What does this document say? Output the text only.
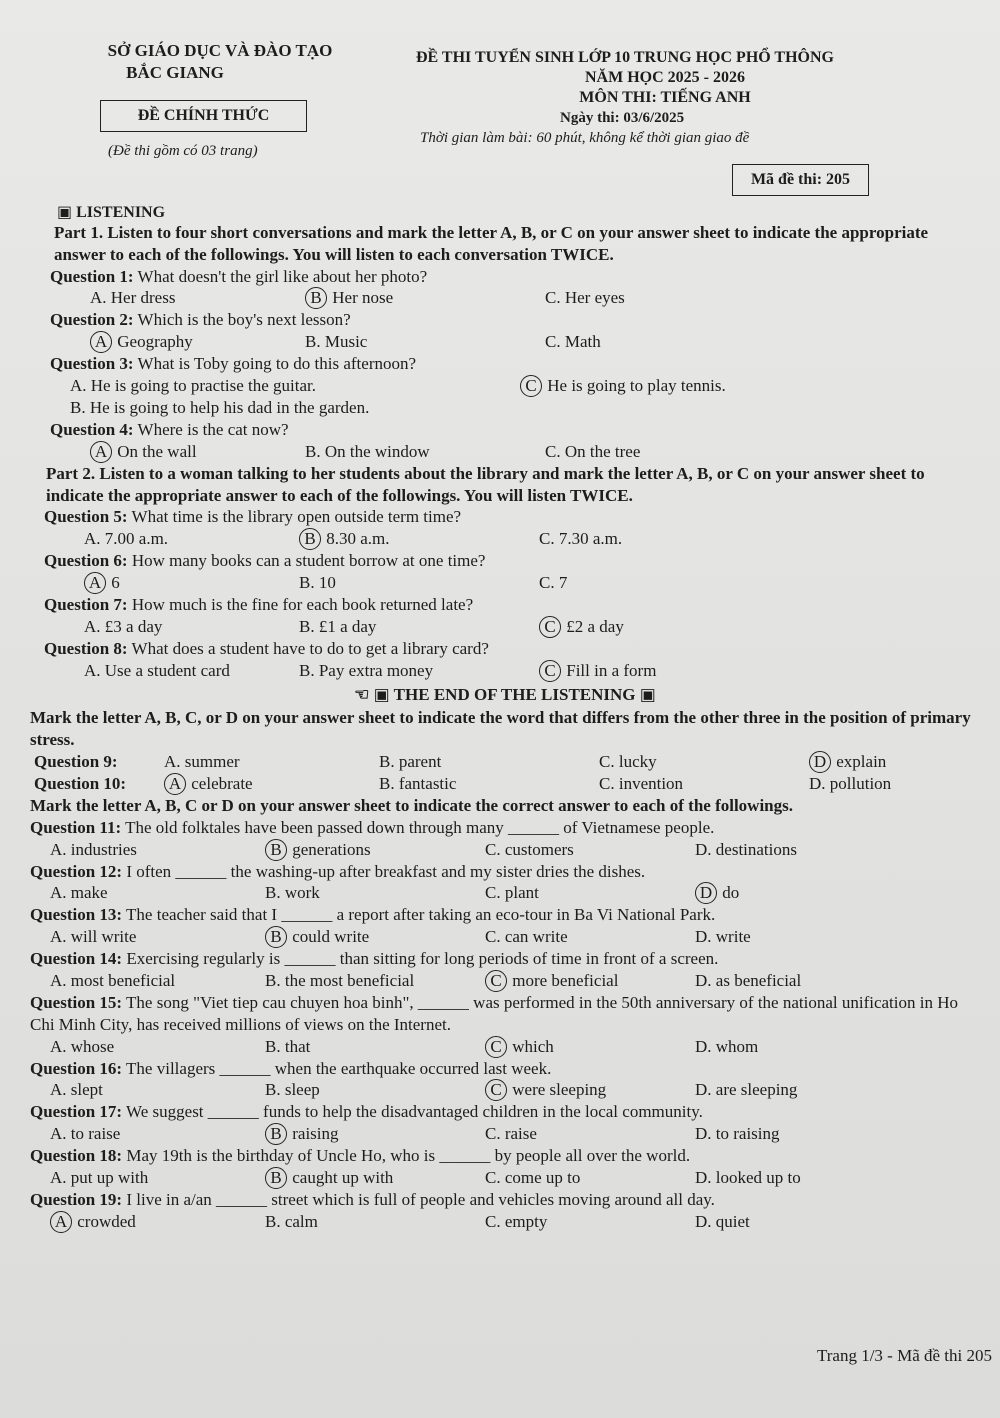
SỞ GIÁO DỤC VÀ ĐÀO TẠO
BẮC GIANG
ĐỀ CHÍNH THỨC
(Đề thi gồm có 03 trang)
ĐỀ THI TUYỂN SINH LỚP 10 TRUNG HỌC PHỔ THÔNG
NĂM HỌC 2025 - 2026
MÔN THI: TIẾNG ANH
Ngày thi: 03/6/2025
Thời gian làm bài: 60 phút, không kể thời gian giao đề
Mã đề thi: 205
▣ LISTENING

Part 1. Listen to four short conversations and mark the letter A, B, or C on your answer sheet to indicate the appropriate answer to each of the followings. You will listen to each conversation TWICE.

Question 1: What doesn't the girl like about her photo?
A. Her dress	B Her nose	C. Her eyes
Question 2: Which is the boy's next lesson?
A Geography	B. Music	C. Math
Question 3: What is Toby going to do this afternoon?
A. He is going to practise the guitar.	C He is going to play tennis.
B. He is going to help his dad in the garden.
Question 4: Where is the cat now?
A On the wall	B. On the window	C. On the tree

Part 2. Listen to a woman talking to her students about the library and mark the letter A, B, or C on your answer sheet to indicate the appropriate answer to each of the followings. You will listen TWICE.

Question 5: What time is the library open outside term time?
A. 7.00 a.m.	B 8.30 a.m.	C. 7.30 a.m.
Question 6: How many books can a student borrow at one time?
A 6	B. 10	C. 7
Question 7: How much is the fine for each book returned late?
A. £3 a day	B. £1 a day	C £2 a day
Question 8: What does a student have to do to get a library card?
A. Use a student card	B. Pay extra money	C Fill in a form
☜ ▣ THE END OF THE LISTENING ▣

Mark the letter A, B, C, or D on your answer sheet to indicate the word that differs from the other three in the position of primary stress.

Question 9:	A. summer	B. parent	C. lucky	D explain
Question 10:	A celebrate	B. fantastic	C. invention	D. pollution

Mark the letter A, B, C or D on your answer sheet to indicate the correct answer to each of the followings.

Question 11: The old folktales have been passed down through many ______ of Vietnamese people.
A. industries	B generations	C. customers	D. destinations
Question 12: I often ______ the washing-up after breakfast and my sister dries the dishes.
A. make	B. work	C. plant	D do
Question 13: The teacher said that I ______ a report after taking an eco-tour in Ba Vi National Park.
A. will write	B could write	C. can write	D. write
Question 14: Exercising regularly is ______ than sitting for long periods of time in front of a screen.
A. most beneficial	B. the most beneficial	C more beneficial	D. as beneficial
Question 15: The song "Viet tiep cau chuyen hoa binh", ______ was performed in the 50th anniversary of the national unification in Ho Chi Minh City, has received millions of views on the Internet.
A. whose	B. that	C which	D. whom
Question 16: The villagers ______ when the earthquake occurred last week.
A. slept	B. sleep	C were sleeping	D. are sleeping
Question 17: We suggest ______ funds to help the disadvantaged children in the local community.
A. to raise	B raising	C. raise	D. to raising
Question 18: May 19th is the birthday of Uncle Ho, who is ______ by people all over the world.
A. put up with	B caught up with	C. come up to	D. looked up to
Question 19: I live in a/an ______ street which is full of people and vehicles moving around all day.
A crowded	B. calm	C. empty	D. quiet
Trang 1/3 - Mã đề thi 205
